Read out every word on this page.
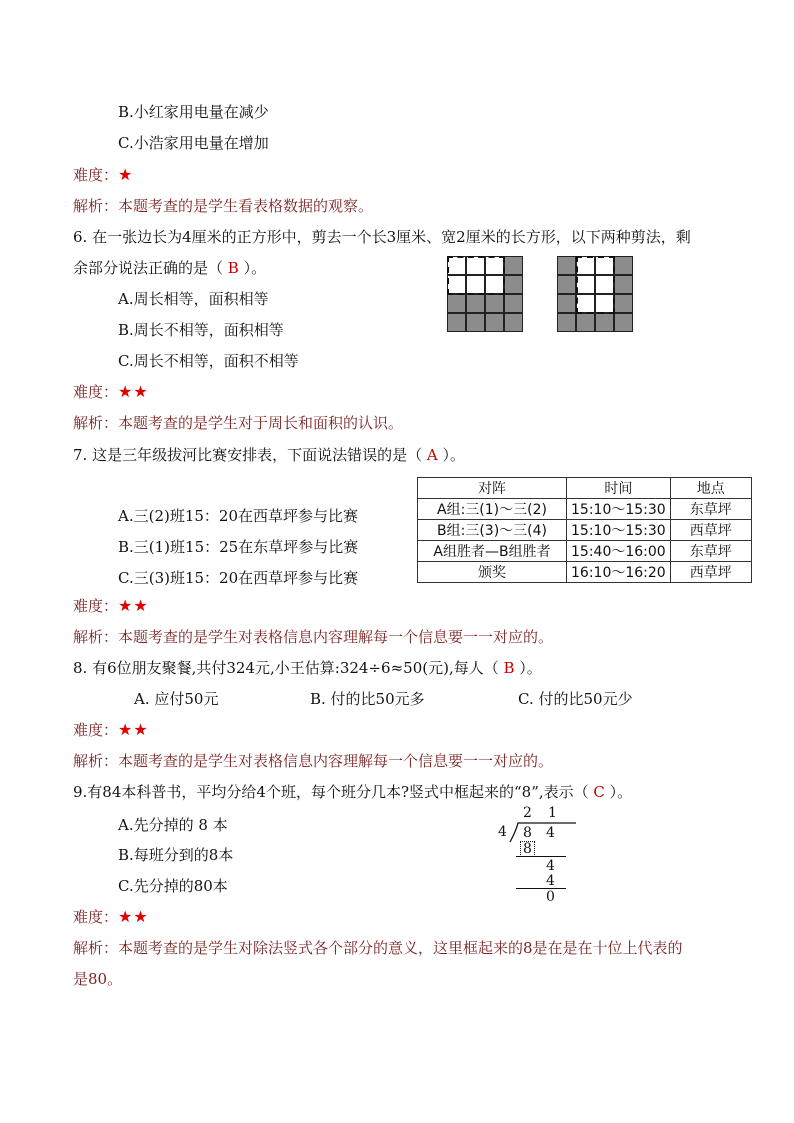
B.小红家用电量在减少
C.小浩家用电量在增加
难度：★
解析：本题考查的是学生看表格数据的观察。
6. 在一张边长为4厘米的正方形中，剪去一个长3厘米、宽2厘米的长方形，以下两种剪法，剩
余部分说法正确的是（ B ）。
A.周长相等，面积相等
B.周长不相等，面积相等
C.周长不相等，面积不相等
难度：★★
解析：本题考查的是学生对于周长和面积的认识。
7. 这是三年级拔河比赛安排表，下面说法错误的是（ A ）。
A.三(2)班15：20在西草坪参与比赛
B.三(1)班15：25在东草坪参与比赛
C.三(3)班15：20在西草坪参与比赛
对阵	时间	地点
A组:三(1)～三(2)	15:10～15:30	东草坪
B组:三(3)～三(4)	15:10～15:30	西草坪
A组胜者—B组胜者	15:40～16:00	东草坪
颁奖	16:10～16:20	西草坪
难度：★★
解析：本题考查的是学生对表格信息内容理解每一个信息要一一对应的。
8. 有6位朋友聚餐,共付324元,小王估算:324÷6≈50(元),每人（ B ）。
A. 应付50元	B. 付的比50元多	C. 付的比50元少
难度：★★
解析：本题考查的是学生对表格信息内容理解每一个信息要一一对应的。
9.有84本科普书，平均分给4个班，每个班分几本?竖式中框起来的“8”,表示（ C ）。
A.先分掉的 8 本
B.每班分到的8本
C.先分掉的80本
2 1
4 8 4
8
4
4
0
难度：★★
解析：本题考查的是学生对除法竖式各个部分的意义，这里框起来的8是在是在十位上代表的
是80。
